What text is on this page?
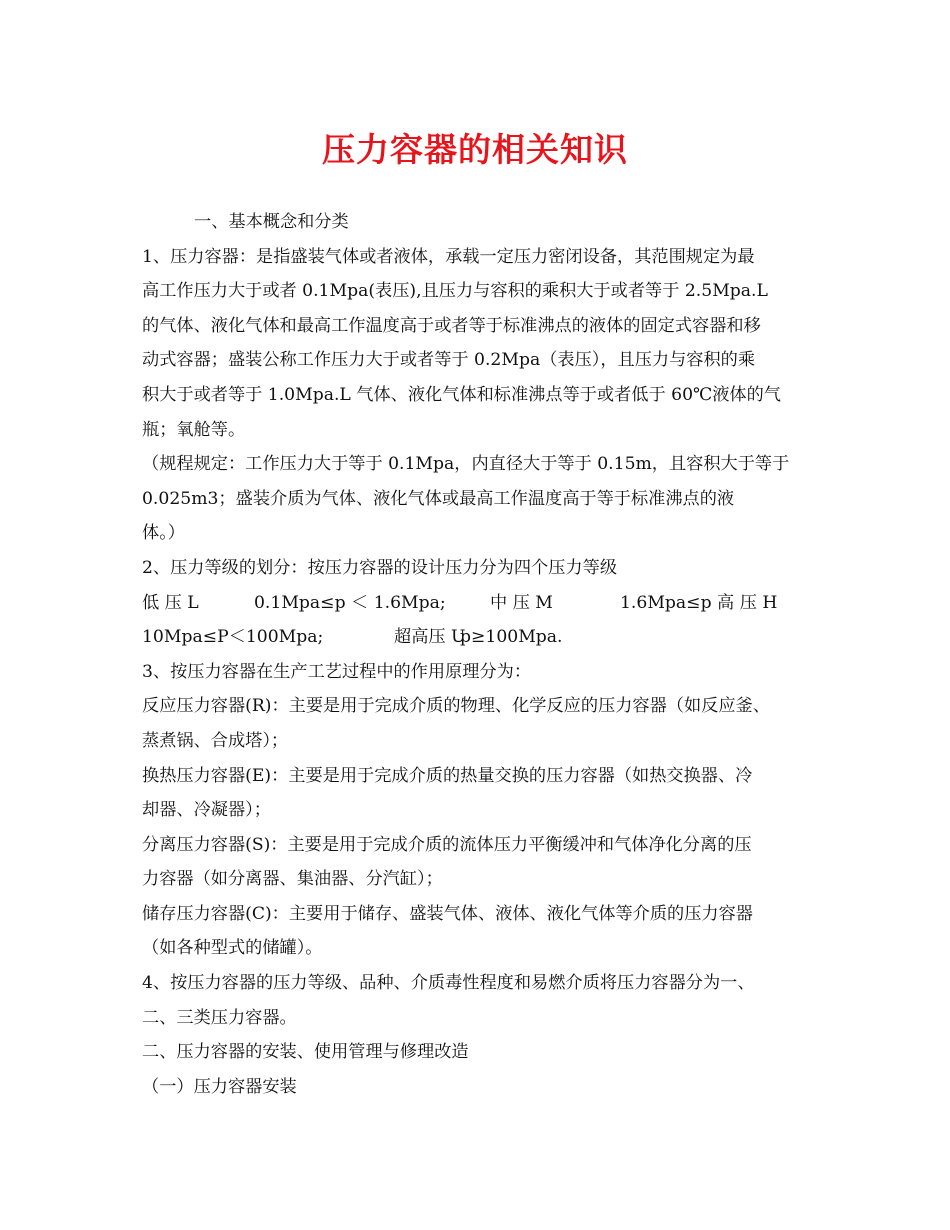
压力容器的相关知识
一、基本概念和分类
1、压力容器：是指盛装气体或者液体，承载一定压力密闭设备，其范围规定为最
高工作压力大于或者 0.1Mpa(表压),且压力与容积的乘积大于或者等于 2.5Mpa.L
的气体、液化气体和最高工作温度高于或者等于标准沸点的液体的固定式容器和移
动式容器；盛装公称工作压力大于或者等于 0.2Mpa（表压），且压力与容积的乘
积大于或者等于 1.0Mpa.L 气体、液化气体和标准沸点等于或者低于 60℃液体的气
瓶；氧舱等。
（规程规定：工作压力大于等于 0.1Mpa，内直径大于等于 0.15m，且容积大于等于
0.025m3；盛装介质为气体、液化气体或最高工作温度高于等于标准沸点的液
体。）
2、压力等级的划分：按压力容器的设计压力分为四个压力等级
低 压 L	0.1Mpa≤p ＜ 1.6Mpa;	中 压 M	1.6Mpa≤p 高 压 H
10Mpa≤P＜100Mpa;	超高压 U
p≥100Mpa.
3、按压力容器在生产工艺过程中的作用原理分为：
反应压力容器(R)：主要是用于完成介质的物理、化学反应的压力容器（如反应釜、
蒸煮锅、合成塔）；
换热压力容器(E)：主要是用于完成介质的热量交换的压力容器（如热交换器、冷
却器、冷凝器）；
分离压力容器(S)：主要是用于完成介质的流体压力平衡缓冲和气体净化分离的压
力容器（如分离器、集油器、分汽缸）；
储存压力容器(C)：主要用于储存、盛装气体、液体、液化气体等介质的压力容器
（如各种型式的储罐）。
4、按压力容器的压力等级、品种、介质毒性程度和易燃介质将压力容器分为一、
二、三类压力容器。
二、压力容器的安装、使用管理与修理改造
（一）压力容器安装
